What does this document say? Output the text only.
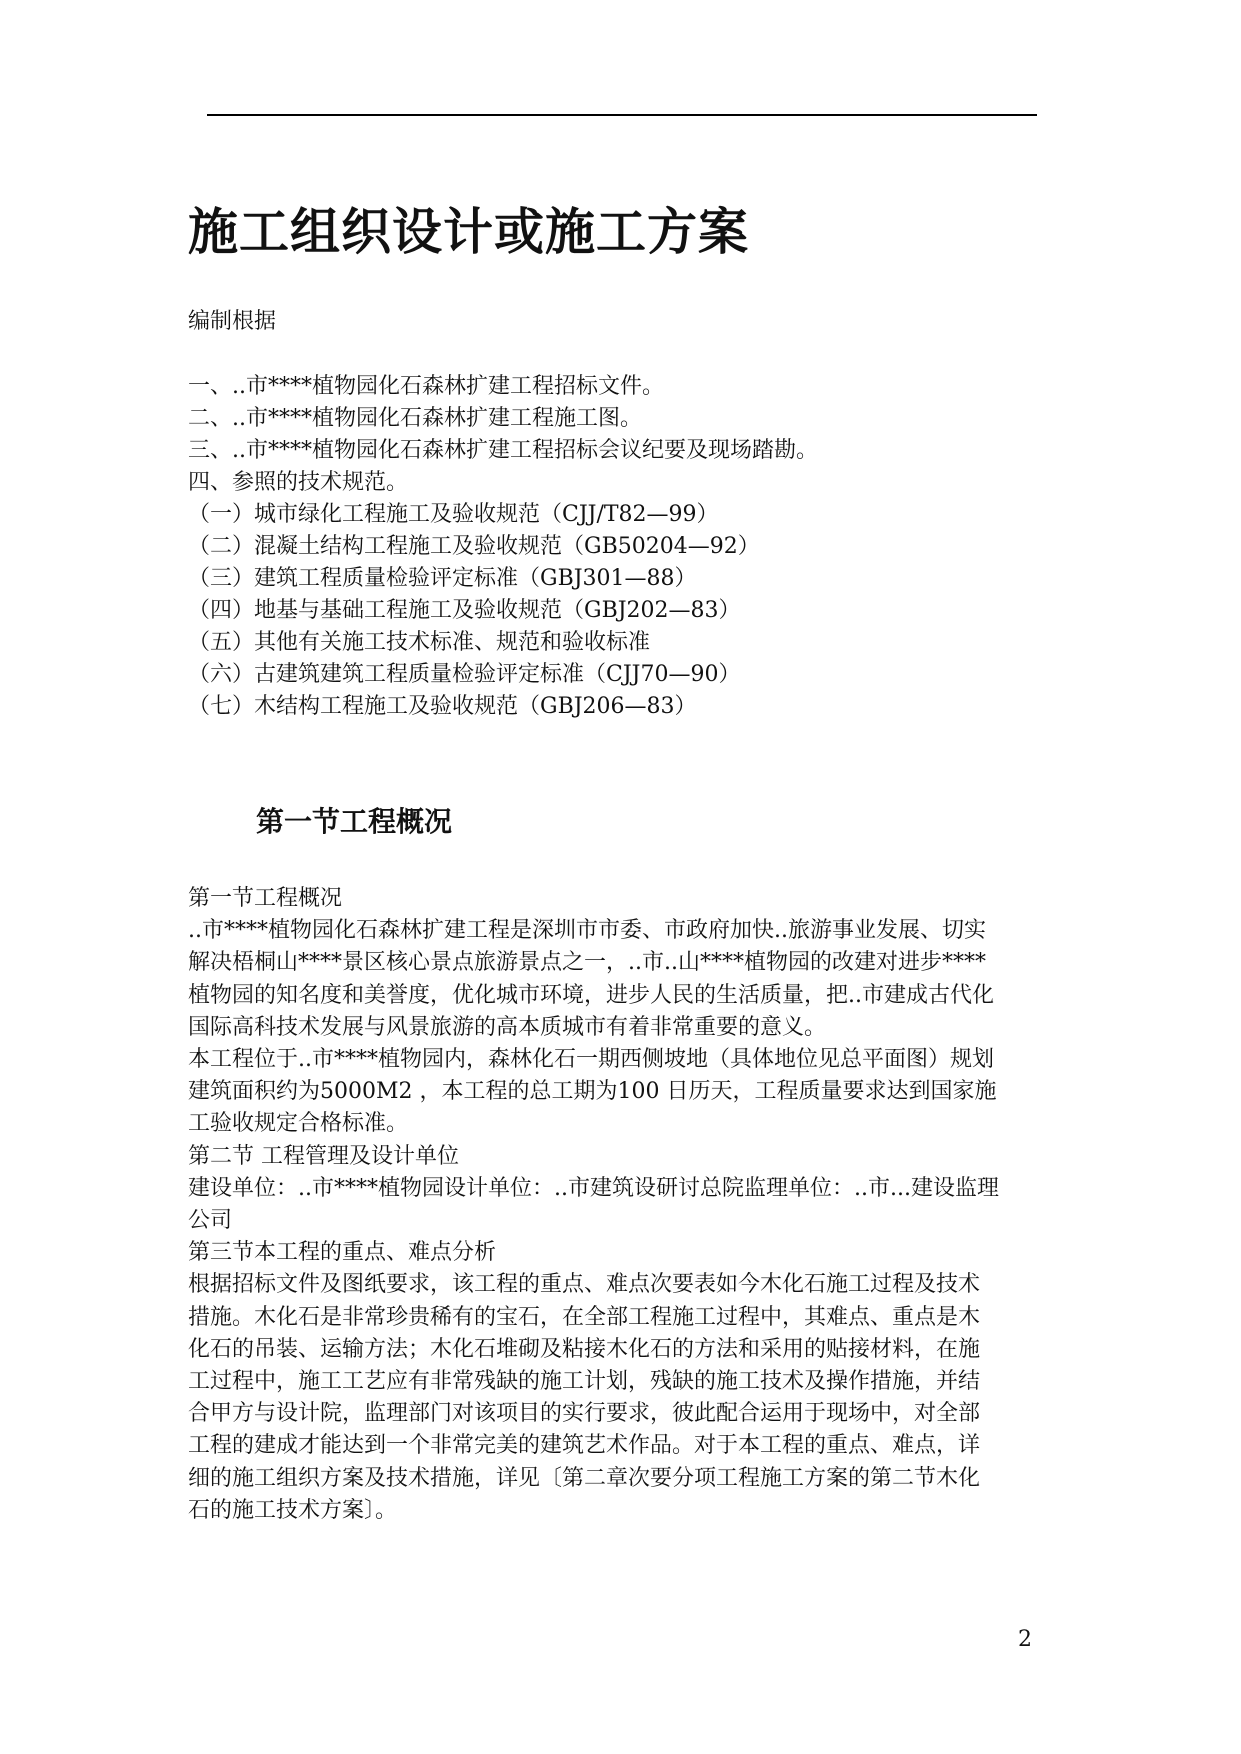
施工组织设计或施工方案
编制根据
一、..市****植物园化石森林扩建工程招标文件。
二、..市****植物园化石森林扩建工程施工图。
三、..市****植物园化石森林扩建工程招标会议纪要及现场踏勘。
四、参照的技术规范。
（一）城市绿化工程施工及验收规范（CJJ/T82—99）
（二）混凝土结构工程施工及验收规范（GB50204—92）
（三）建筑工程质量检验评定标准（GBJ301—88）
（四）地基与基础工程施工及验收规范（GBJ202—83）
（五）其他有关施工技术标准、规范和验收标准
（六）古建筑建筑工程质量检验评定标准（CJJ70—90）
（七）木结构工程施工及验收规范（GBJ206—83）
第一节工程概况

第一节工程概况

..市****植物园化石森林扩建工程是深圳市市委、市政府加快..旅游事业发展、切实

解决梧桐山****景区核心景点旅游景点之一，..市..山****植物园的改建对进步****

植物园的知名度和美誉度，优化城市环境，进步人民的生活质量，把..市建成古代化

国际高科技术发展与风景旅游的高本质城市有着非常重要的意义。

本工程位于..市****植物园内，森林化石一期西侧坡地（具体地位见总平面图）规划

建筑面积约为5000M2 ，本工程的总工期为100 日历天，工程质量要求达到国家施

工验收规定合格标准。

第二节 工程管理及设计单位

建设单位：..市****植物园设计单位：..市建筑设研讨总院监理单位：..市...建设监理

公司

第三节本工程的重点、难点分析

根据招标文件及图纸要求，该工程的重点、难点次要表如今木化石施工过程及技术

措施。木化石是非常珍贵稀有的宝石，在全部工程施工过程中，其难点、重点是木

化石的吊装、运输方法；木化石堆砌及粘接木化石的方法和采用的贴接材料，在施

工过程中，施工工艺应有非常残缺的施工计划，残缺的施工技术及操作措施，并结

合甲方与设计院，监理部门对该项目的实行要求，彼此配合运用于现场中，对全部

工程的建成才能达到一个非常完美的建筑艺术作品。对于本工程的重点、难点，详

细的施工组织方案及技术措施，详见〔第二章次要分项工程施工方案的第二节木化

石的施工技术方案〕。

2
